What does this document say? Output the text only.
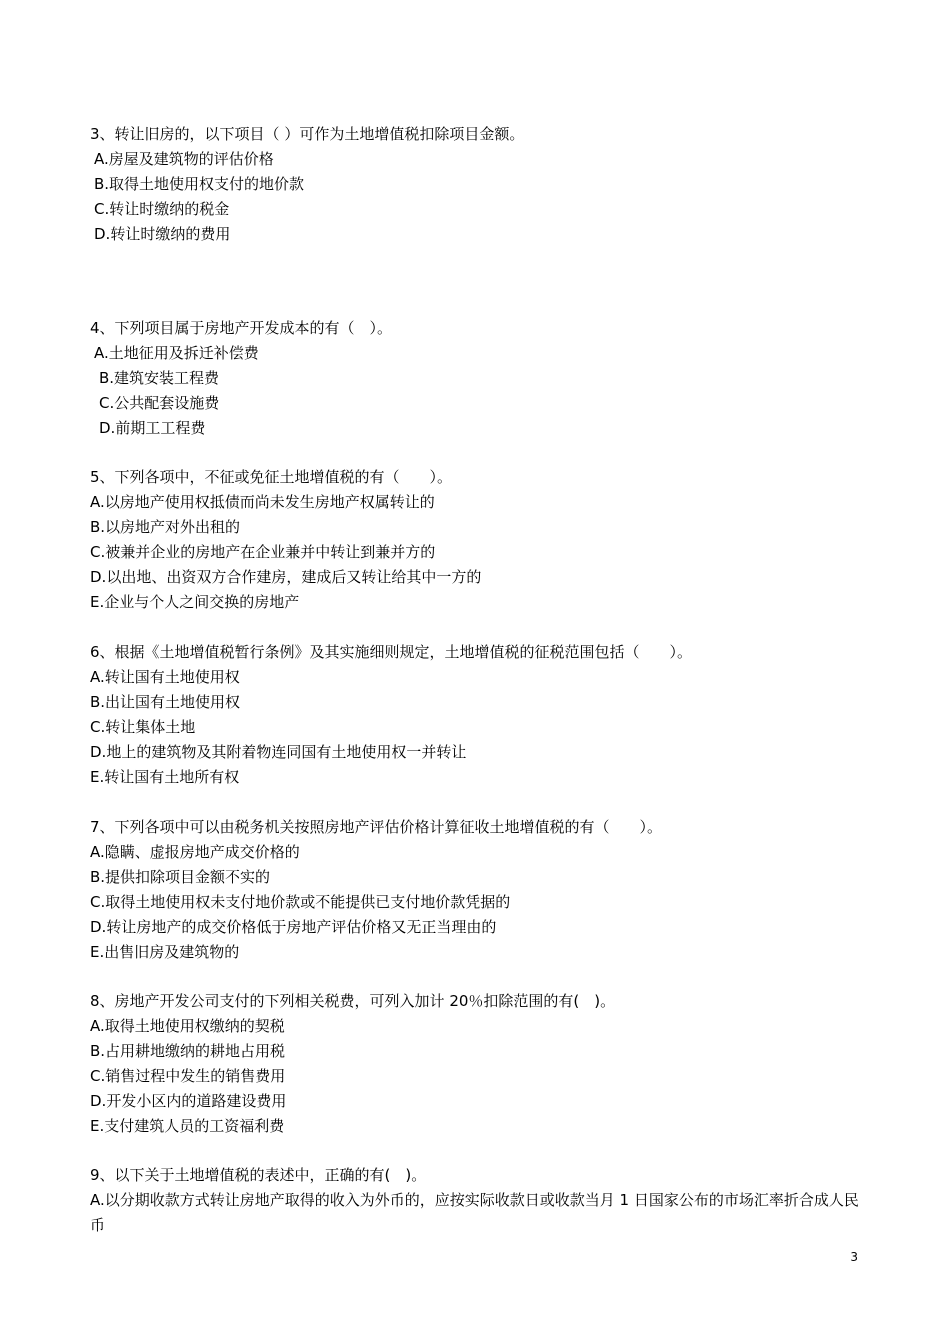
3、转让旧房的，以下项目（ ）可作为土地增值税扣除项目金额。
A.房屋及建筑物的评估价格
B.取得土地使用权支付的地价款
C.转让时缴纳的税金
D.转让时缴纳的费用
4、下列项目属于房地产开发成本的有（　）。
A.土地征用及拆迁补偿费
B.建筑安装工程费
C.公共配套设施费
D.前期工工程费
5、下列各项中，不征或免征土地增值税的有（　　）。
A.以房地产使用权抵债而尚未发生房地产权属转让的
B.以房地产对外出租的
C.被兼并企业的房地产在企业兼并中转让到兼并方的
D.以出地、出资双方合作建房，建成后又转让给其中一方的
E.企业与个人之间交换的房地产
6、根据《土地增值税暂行条例》及其实施细则规定，土地增值税的征税范围包括（　　）。
A.转让国有土地使用权
B.出让国有土地使用权
C.转让集体土地
D.地上的建筑物及其附着物连同国有土地使用权一并转让
E.转让国有土地所有权
7、下列各项中可以由税务机关按照房地产评估价格计算征收土地增值税的有（　　）。
A.隐瞒、虚报房地产成交价格的
B.提供扣除项目金额不实的
C.取得土地使用权未支付地价款或不能提供已支付地价款凭据的
D.转让房地产的成交价格低于房地产评估价格又无正当理由的
E.出售旧房及建筑物的
8、房地产开发公司支付的下列相关税费，可列入加计 20％扣除范围的有(　)。
A.取得土地使用权缴纳的契税
B.占用耕地缴纳的耕地占用税
C.销售过程中发生的销售费用
D.开发小区内的道路建设费用
E.支付建筑人员的工资福利费
9、以下关于土地增值税的表述中，正确的有(　)。
A.以分期收款方式转让房地产取得的收入为外币的，应按实际收款日或收款当月 1 日国家公布的市场汇率折合成人民币
3
